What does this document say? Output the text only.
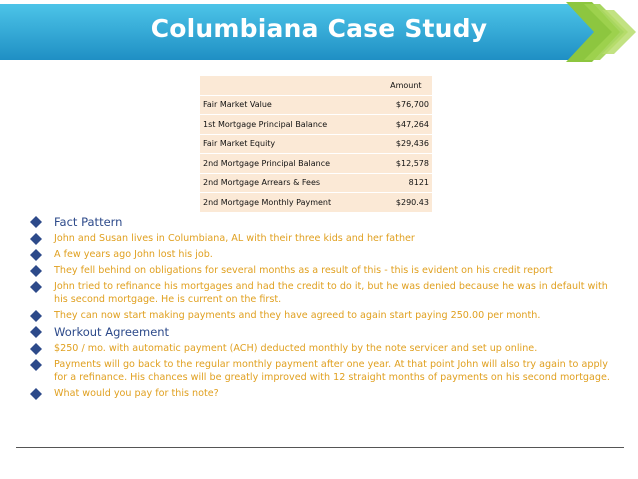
Columbiana Case Study
	Amount
Fair Market Value	$76,700
1st Mortgage Principal Balance	$47,264
Fair Market Equity	$29,436
2nd Mortgage Principal Balance	$12,578
2nd Mortgage Arrears & Fees	8121
2nd Mortgage Monthly Payment	$290.43
Fact Pattern
John and Susan lives in Columbiana, AL with their three kids and her father
A few years ago John lost his job.
They fell behind on obligations for several months as a result of this - this is evident on his credit report
John tried to refinance his mortgages and had the credit to do it, but he was denied because he was in default with his second mortgage. He is current on the first.
They can now start making payments and they have agreed to again start paying 250.00 per month.
Workout Agreement
$250 / mo. with automatic payment (ACH) deducted monthly by the note servicer and set up online.
Payments will go back to the regular monthly payment after one year. At that point John will also try again to apply for a refinance. His chances will be greatly improved with 12 straight months of payments on his second mortgage.
What would you pay for this note?
